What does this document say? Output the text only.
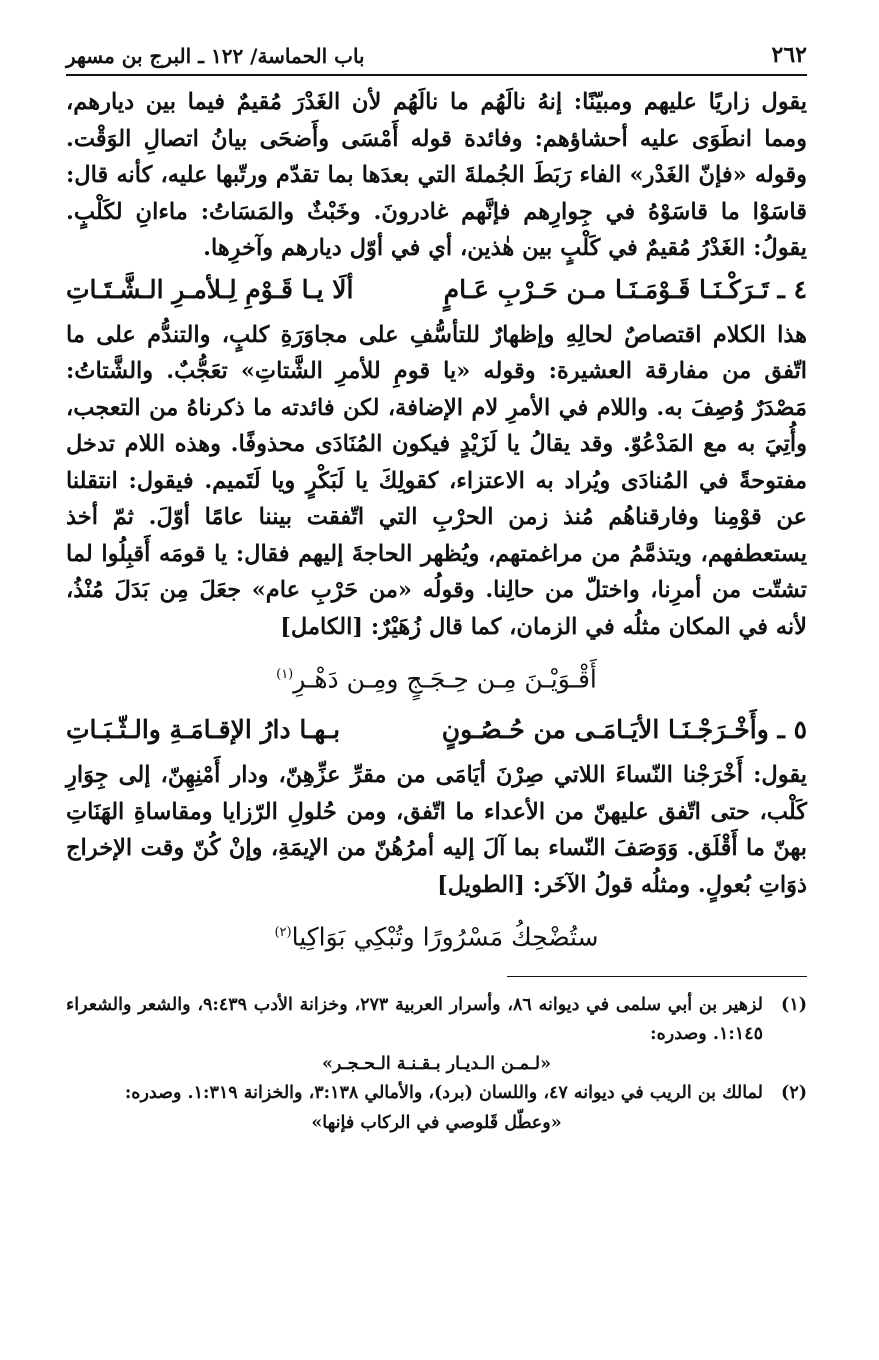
٢٦٢
باب الحماسة/ ١٢٢ ـ البرج بن مسهر

يقول زاريًا عليهم ومبيّنًا: إنهُ نالَهُم ما نالَهُم لأن الغَدْرَ مُقيمٌ فيما بين ديارهم، ومما انطَوَى عليه أحشاؤهم: وفائدة قوله أَمْسَى وأَضحَى بيانُ اتصالِ الوَقْت. وقوله «فإنّ الغَدْر» الفاء رَبَطَ الجُملةَ التي بعدَها بما تقدّم ورتّبها عليه، كأنه قال: قاسَوْا ما قاسَوْهُ في جِوارِهم فإنَّهم غادرونَ. وخَبْثٌ والمَسَاتُ: ماءانِ لكَلْبٍ. يقولُ: الغَدْرُ مُقيمٌ في كَلْبٍ بين هٰذين، أي في أوّل ديارهم وآخرِها.

٤ ـ تَـرَكْـنَـا قَـوْمَـنَـا مـن حَـرْبِ عَـامٍ
ألَا يـا قَـوْمِ لِـلأمـرِ الـشَّـتَـاتِ

هذا الكلام اقتصاصٌ لحالِهِ وإظهارٌ للتأسُّفِ على مجاوَرَةِ كلبٍ، والتندُّم على ما اتّفق من مفارقة العشيرة: وقوله «يا قومِ للأمرِ الشَّتاتِ» تعَجُّبٌ. والشَّتاتُ: مَصْدَرٌ وُصِفَ به. واللام في الأمرِ لام الإضافة، لكن فائدته ما ذكرناهُ من التعجب، وأُتِيَ به مع المَدْعُوّ. وقد يقالُ يا لَزَيْدٍ فيكون المُنَادَى محذوفًا. وهذه اللام تدخل مفتوحةً في المُنادَى ويُراد به الاعتزاء، كقولِكَ يا لَبَكْرٍ ويا لَتَميم. فيقول: انتقلنا عن قوْمِنا وفارقناهُم مُنذ زمن الحرْبِ التي اتّفقت بيننا عامًا أوّلَ. ثمّ أخذ يستعطفهم، ويتذمَّمُ من مراغمتهم، ويُظهر الحاجةَ إليهم فقال: يا قومَه أَقبِلُوا لما تشتّت من أمرِنا، واختلّ من حالِنا. وقولُه «من حَرْبِ عام» جعَلَ مِن بَدَلَ مُنْذُ، لأنه في المكان مثلُه في الزمان، كما قال زُهَيْرٌ: [الكامل]

أَقْـوَيْـنَ مِـن حِـجَـجٍ ومِـن دَهْـرِ$^{(١)}$
٥ ـ وأَخْـرَجْـنَـا الأيَـامَـى من حُـصُـونٍ
بـهـا دارُ الإقـامَـةِ والـثّـبَـاتِ

يقول: أَخْرَجْنا النّساءَ اللاتي صِرْنَ أيَامَى من مقرِّ عزِّهِنّ، ودار أَمْنِهِنّ، إلى جِوَارِ كَلْب، حتى اتّفق عليهنّ من الأعداء ما اتّفق، ومن حُلولِ الرّزايا ومقاساةِ الهَنَاتِ بهنّ ما أَقْلَق. وَوَصَفَ النّساء بما آلَ إليه أمرُهُنّ من الإيمَةِ، وإنْ كُنّ وقت الإخراج ذوَاتِ بُعولٍ. ومثلُه قولُ الآخَر: [الطويل]

ستُضْحِكُ مَسْرُورًا وتُبْكِي بَوَاكِيا$^{(٢)}$
(١)
لزهير بن أبي سلمى في ديوانه ٨٦، وأسرار العربية ٢٧٣، وخزانة الأدب ٩:٤٣٩، والشعر والشعراء ١:١٤٥. وصدره:
«لـمـن الـديـار بـقـنـة الـحـجـر»
(٢)
لمالك بن الريب في ديوانه ٤٧، واللسان (برد)، والأمالي ٣:١٣٨، والخزانة ١:٣١٩. وصدره:
«وعطّل قَلوصي في الركاب فإنها»
